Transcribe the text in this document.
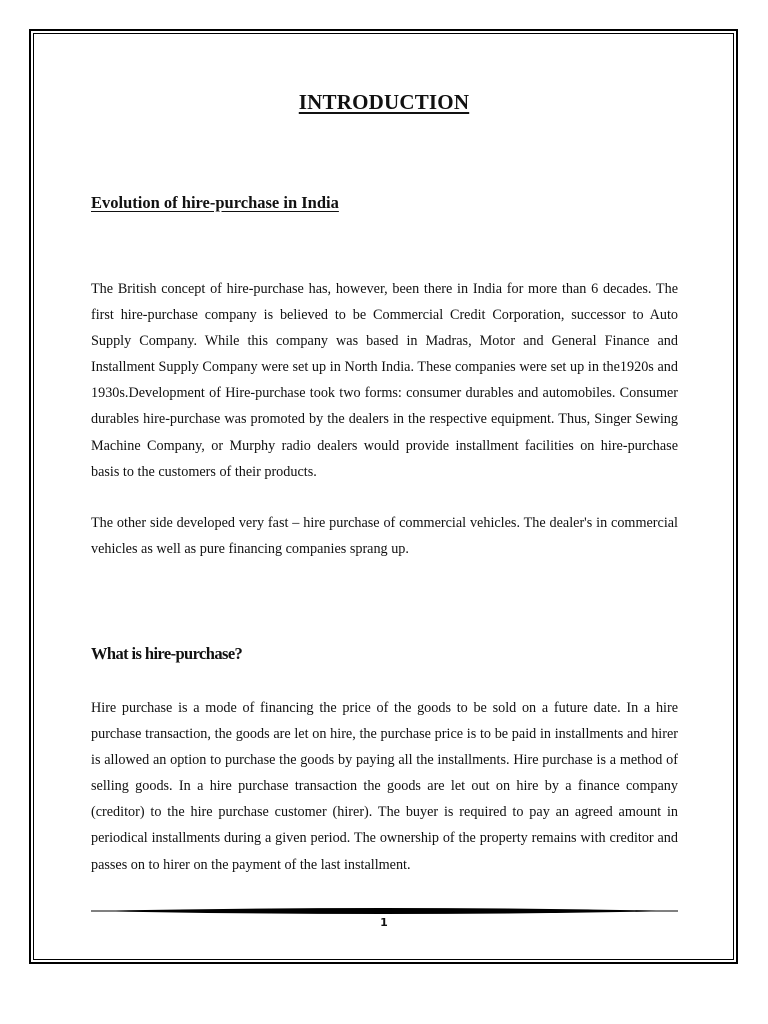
INTRODUCTION
Evolution of hire-purchase in India

The British concept of hire-purchase has, however, been there in India for more than 6 decades. The first hire-purchase company is believed to be Commercial Credit Corporation, successor to Auto Supply Company. While this company was based in Madras, Motor and General Finance and Installment Supply Company were set up in North India. These companies were set up in the1920s and 1930s.Development of Hire-purchase took two forms: consumer durables and automobiles. Consumer durables hire-purchase was promoted by the dealers in the respective equipment. Thus, Singer Sewing Machine Company, or Murphy radio dealers would provide installment facilities on hire-purchase basis to the customers of their products.

The other side developed very fast – hire purchase of commercial vehicles. The dealer's in commercial vehicles as well as pure financing companies sprang up.

What is hire-purchase?

Hire purchase is a mode of financing the price of the goods to be sold on a future date. In a hire purchase transaction, the goods are let on hire, the purchase price is to be paid in installments and hirer is allowed an option to purchase the goods by paying all the installments. Hire purchase is a method of selling goods. In a hire purchase transaction the goods are let out on hire by a finance company (creditor) to the hire purchase customer (hirer). The buyer is required to pay an agreed amount in periodical installments during a given period. The ownership of the property remains with creditor and passes on to hirer on the payment of the last installment.

1
